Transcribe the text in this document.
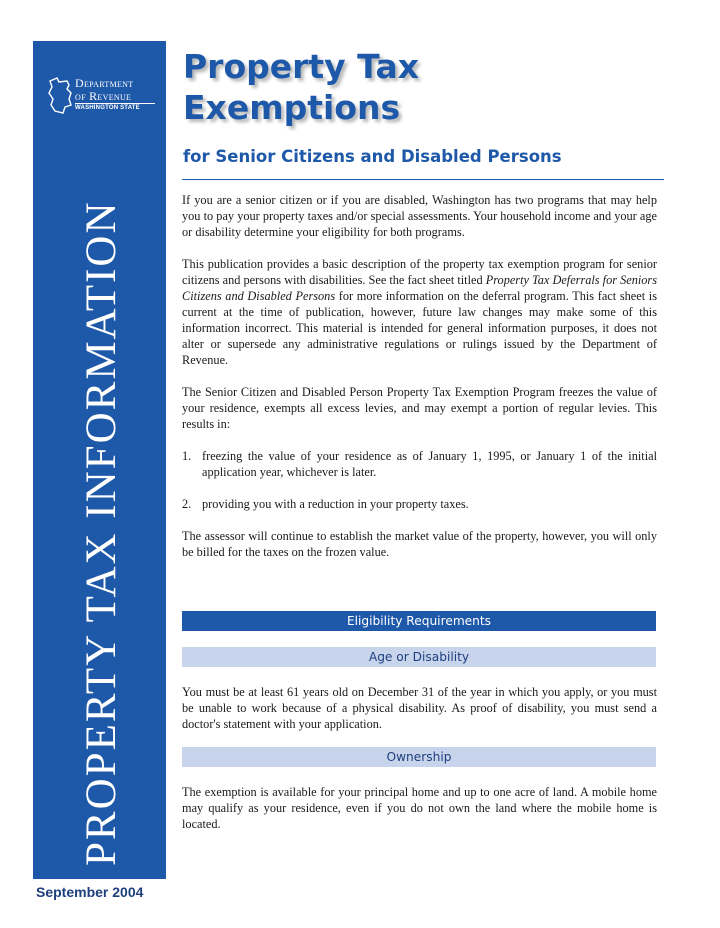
Department
of Revenue
WASHINGTON STATE
PROPERTY TAX INFORMATION
September 2004
Property Tax Exemptions
for Senior Citizens and Disabled Persons

If you are a senior citizen or if you are disabled, Washington has two programs that may help you to pay your property taxes and/or special assessments. Your household income and your age or disability determine your eligibility for both programs.

This publication provides a basic description of the property tax exemption program for senior citizens and persons with disabilities. See the fact sheet titled Property Tax Deferrals for Seniors Citizens and Disabled Persons for more information on the deferral program. This fact sheet is current at the time of publication, however, future law changes may make some of this information incorrect. This material is intended for general information purposes, it does not alter or supersede any administrative regulations or rulings issued by the Department of Revenue.

The Senior Citizen and Disabled Person Property Tax Exemption Program freezes the value of your residence, exempts all excess levies, and may exempt a portion of regular levies. This results in:

1. freezing the value of your residence as of January 1, 1995, or January 1 of the initial application year, whichever is later.
2. providing you with a reduction in your property taxes.

The assessor will continue to establish the market value of the property, however, you will only be billed for the taxes on the frozen value.

Eligibility Requirements
Age or Disability
You must be at least 61 years old on December 31 of the year in which you apply, or you must be unable to work because of a physical disability. As proof of disability, you must send a doctor's statement with your application.
Ownership
The exemption is available for your principal home and up to one acre of land. A mobile home may qualify as your residence, even if you do not own the land where the mobile home is located.
